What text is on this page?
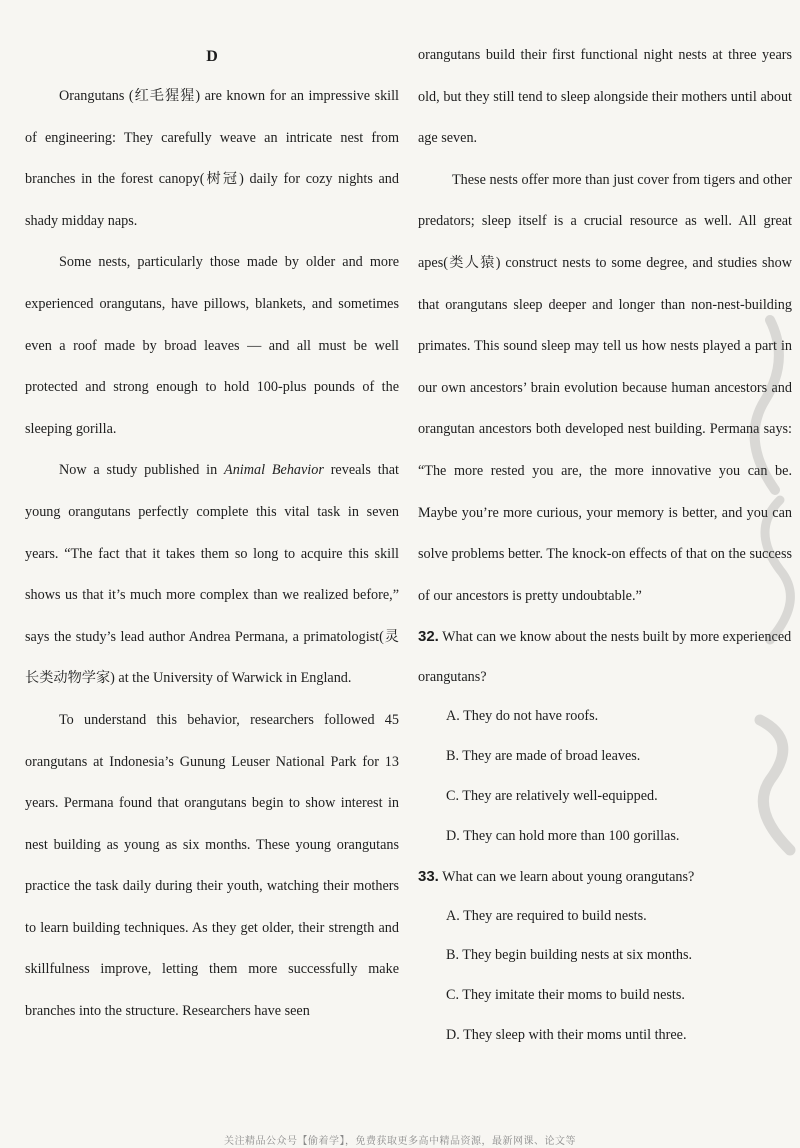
D

Orangutans (红毛猩猩) are known for an impressive skill of engineering: They carefully weave an intricate nest from branches in the forest canopy(树冠) daily for cozy nights and shady midday naps.

Some nests, particularly those made by older and more experienced orangutans, have pillows, blankets, and sometimes even a roof made by broad leaves — and all must be well protected and strong enough to hold 100-plus pounds of the sleeping gorilla.

Now a study published in Animal Behavior reveals that young orangutans perfectly complete this vital task in seven years. “The fact that it takes them so long to acquire this skill shows us that it’s much more complex than we realized before,” says the study’s lead author Andrea Permana, a primatologist(灵长类动物学家) at the University of Warwick in England.

To understand this behavior, researchers followed 45 orangutans at Indonesia’s Gunung Leuser National Park for 13 years. Permana found that orangutans begin to show interest in nest building as young as six months. These young orangutans practice the task daily during their youth, watching their mothers to learn building techniques. As they get older, their strength and skillfulness improve, letting them more successfully make branches into the structure. Researchers have seen

orangutans build their first functional night nests at three years old, but they still tend to sleep alongside their mothers until about age seven.

These nests offer more than just cover from tigers and other predators; sleep itself is a crucial resource as well. All great apes(类人猿) construct nests to some degree, and studies show that orangutans sleep deeper and longer than non-nest-building primates. This sound sleep may tell us how nests played a part in our own ancestors’ brain evolution because human ancestors and orangutan ancestors both developed nest building. Permana says: “The more rested you are, the more innovative you can be. Maybe you’re more curious, your memory is better, and you can solve problems better. The knock-on effects of that on the success of our ancestors is pretty undoubtable.”

32. What can we know about the nests built by more experienced orangutans?

A. They do not have roofs.

B. They are made of broad leaves.

C. They are relatively well-equipped.

D. They can hold more than 100 gorillas.

33. What can we learn about young orangutans?

A. They are required to build nests.

B. They begin building nests at six months.

C. They imitate their moms to build nests.

D. They sleep with their moms until three.

关注精品公众号【偷着学】，免费获取更多高中精品资源，最新网课、论文等
